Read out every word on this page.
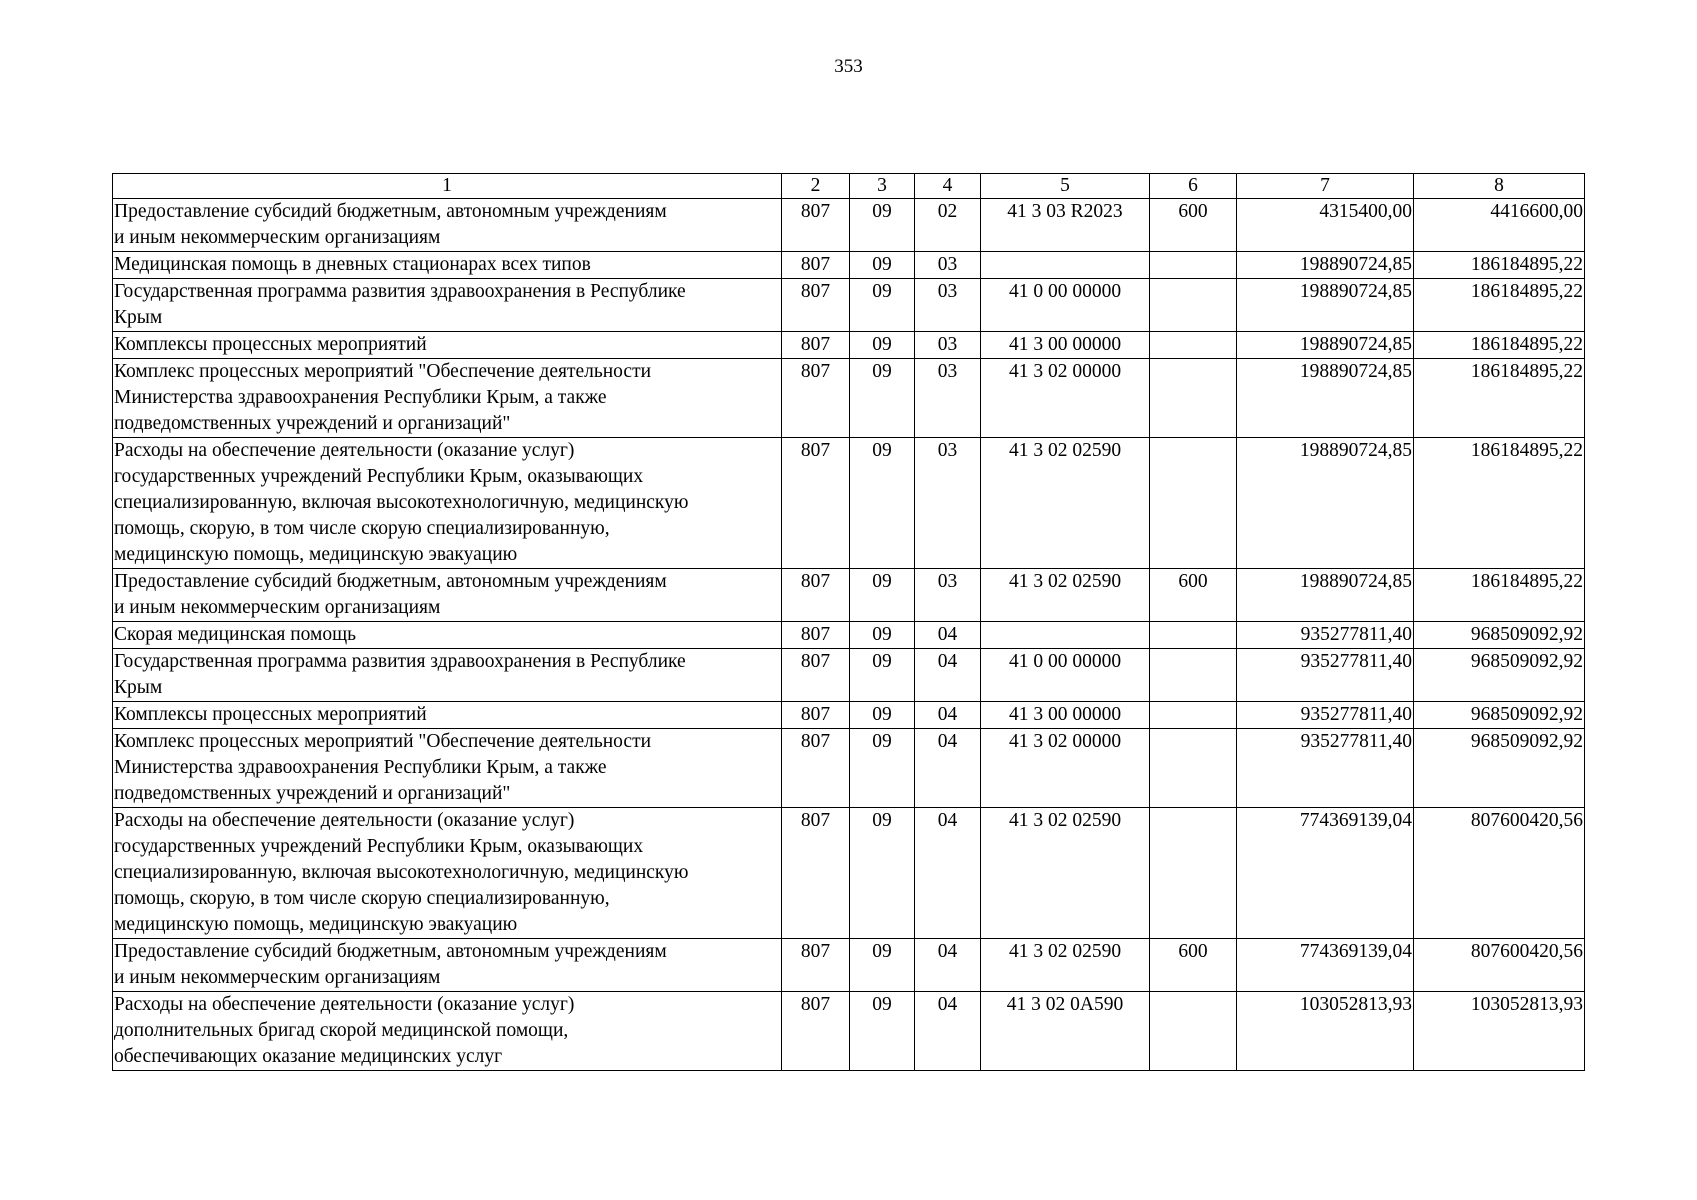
353
1	2	3	4	5	6	7	8

Предоставление субсидий бюджетным, автономным учреждениям
и иным некоммерческим организациям	807	09	02	41 3 03 R2023	600	4315400,00	4416600,00

Медицинская помощь в дневных стационарах всех типов	807	09	03			198890724,85	186184895,22

Государственная программа развития здравоохранения в Республике
Крым	807	09	03	41 0 00 00000		198890724,85	186184895,22

Комплексы процессных мероприятий	807	09	03	41 3 00 00000		198890724,85	186184895,22

Комплекс процессных мероприятий "Обеспечение деятельности
Министерства здравоохранения Республики Крым, а также
подведомственных учреждений и организаций"	807	09	03	41 3 02 00000		198890724,85	186184895,22

Расходы на обеспечение деятельности (оказание услуг)
государственных учреждений Республики Крым, оказывающих
специализированную, включая высокотехнологичную, медицинскую
помощь, скорую, в том числе скорую специализированную,
медицинскую помощь, медицинскую эвакуацию	807	09	03	41 3 02 02590		198890724,85	186184895,22

Предоставление субсидий бюджетным, автономным учреждениям
и иным некоммерческим организациям	807	09	03	41 3 02 02590	600	198890724,85	186184895,22

Скорая медицинская помощь	807	09	04			935277811,40	968509092,92

Государственная программа развития здравоохранения в Республике
Крым	807	09	04	41 0 00 00000		935277811,40	968509092,92

Комплексы процессных мероприятий	807	09	04	41 3 00 00000		935277811,40	968509092,92

Комплекс процессных мероприятий "Обеспечение деятельности
Министерства здравоохранения Республики Крым, а также
подведомственных учреждений и организаций"	807	09	04	41 3 02 00000		935277811,40	968509092,92

Расходы на обеспечение деятельности (оказание услуг)
государственных учреждений Республики Крым, оказывающих
специализированную, включая высокотехнологичную, медицинскую
помощь, скорую, в том числе скорую специализированную,
медицинскую помощь, медицинскую эвакуацию	807	09	04	41 3 02 02590		774369139,04	807600420,56

Предоставление субсидий бюджетным, автономным учреждениям
и иным некоммерческим организациям	807	09	04	41 3 02 02590	600	774369139,04	807600420,56

Расходы на обеспечение деятельности (оказание услуг)
дополнительных бригад скорой медицинской помощи,
обеспечивающих оказание медицинских услуг	807	09	04	41 3 02 0А590		103052813,93	103052813,93
